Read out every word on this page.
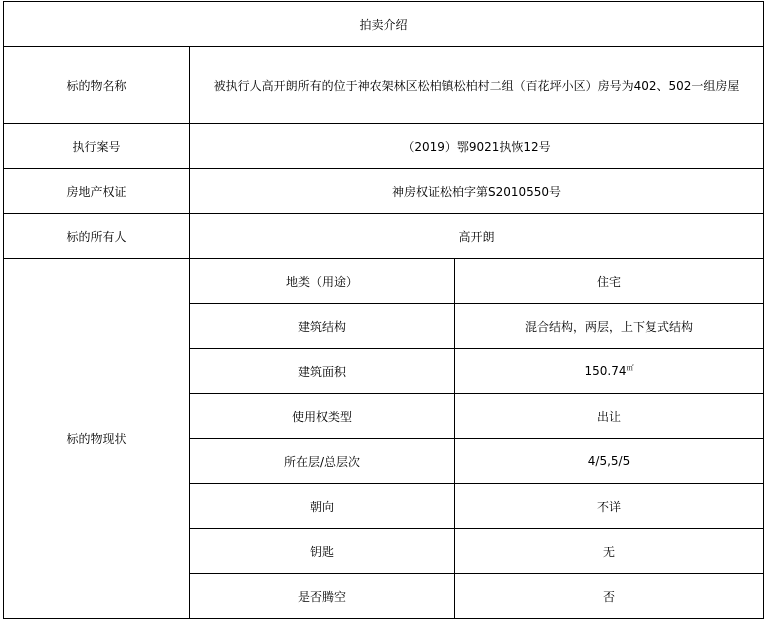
拍卖介绍		
标的物名称	被执行人高开朗所有的位于神农架林区松柏镇松柏村二组（百花坪小区）房号为402、502一组房屋	
执行案号	（2019）鄂9021执恢12号	
房地产权证	神房权证松柏字第S2010550号	
标的所有人	高开朗	
标的物现状	地类（用途）	住宅
	建筑结构	混合结构，两层，上下复式结构
	建筑面积	150.74㎡
	使用权类型	出让
	所在层/总层次	4/5,5/5
	朝向	不详
	钥匙	无
	是否腾空	否
